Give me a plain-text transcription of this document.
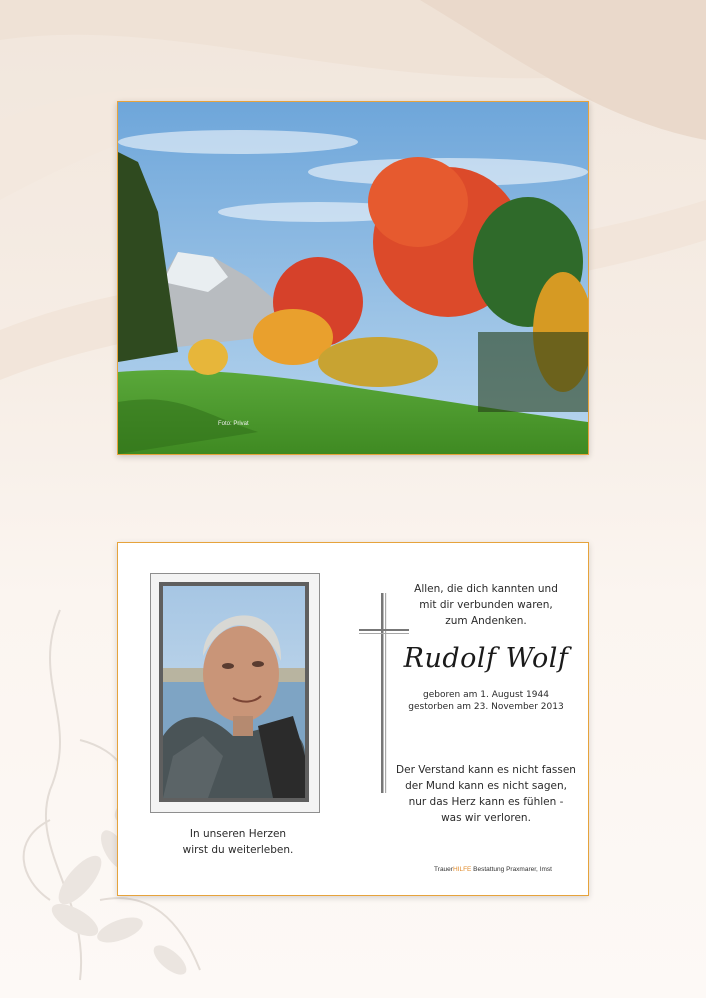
Foto: Privat
In unseren Herzen
wirst du weiterleben.
Allen, die dich kannten und
mit dir verbunden waren,
zum Andenken.
Rudolf Wolf
geboren am 1. August 1944
gestorben am 23. November 2013
Der Verstand kann es nicht fassen
der Mund kann es nicht sagen,
nur das Herz kann es fühlen -
was wir verloren.
TrauerHILFE Bestattung Praxmarer, Imst
